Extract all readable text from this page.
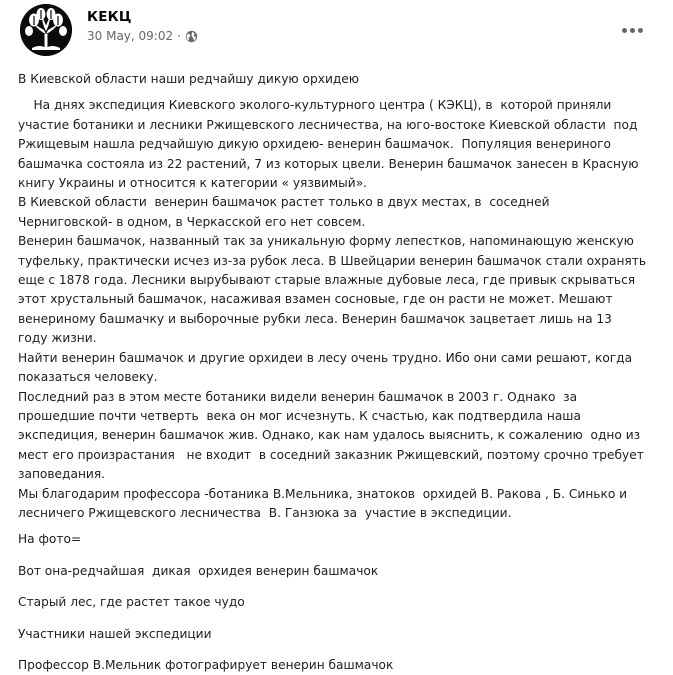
КЕКЦ
30 May, 09:02 ·

В Киевской области наши редчайшу дикую орхидею

На днях экспедиция Киевского эколого-культурного центра ( КЭКЦ), в  которой приняли
участие ботаники и лесники Ржищевского лесничества, на юго-востоке Киевской области  под
Ржищевым нашла редчайшую дикую орхидею- венерин башмачок.  Популяция венериного
башмачка состояла из 22 растений, 7 из которых цвели. Венерин башмачок занесен в Красную
книгу Украины и относится к категории « уязвимый».

В Киевской области  венерин башмачок растет только в двух местах, в  соседней
Черниговской- в одном, в Черкасской его нет совсем.

Венерин башмачок, названный так за уникальную форму лепестков, напоминающую женскую
туфельку, практически исчез из-за рубок леса. В Швейцарии венерин башмачок стали охранять
еще с 1878 года. Лесники вырубывают старые влажные дубовые леса, где привык скрываться
этот хрустальный башмачок, насаживая взамен сосновые, где он расти не может. Мешают
венериному башмачку и выборочные рубки леса. Венерин башмачок зацветает лишь на 13
году жизни.

Найти венерин башмачок и другие орхидеи в лесу очень трудно. Ибо они сами решают, когда
показаться человеку.

Последний раз в этом месте ботаники видели венерин башмачок в 2003 г. Однако  за
прошедшие почти четверть  века он мог исчезнуть. К счастью, как подтвердила наша
экспедиция, венерин башмачок жив. Однако, как нам удалось выяснить, к сожалению  одно из
мест его произрастания   не входит  в соседний заказник Ржищевский, поэтому срочно требует
заповедания.

Мы благодарим профессора -ботаника В.Мельника, знатоков  орхидей В. Ракова , Б. Синько и
лесничего Ржищевского лесничества  В. Ганзюка за  участие в экспедиции.

На фото=

Вот она-редчайшая  дикая  орхидея венерин башмачок

Старый лес, где растет такое чудо

Участники нашей экспедиции

Профессор В.Мельник фотографирует венерин башмачок
